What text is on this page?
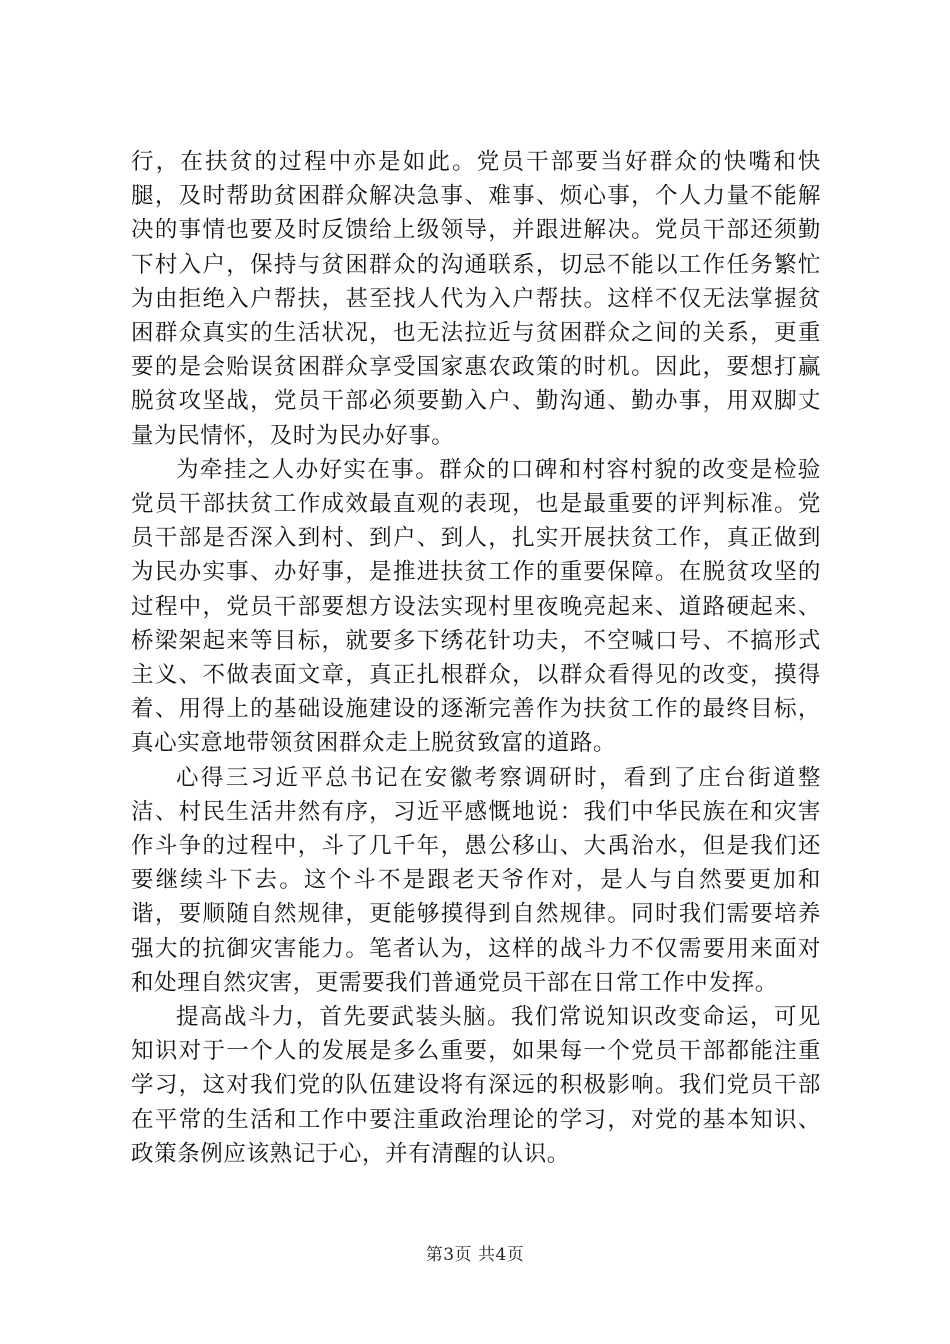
行，在扶贫的过程中亦是如此。党员干部要当好群众的快嘴和快腿，及时帮助贫困群众解决急事、难事、烦心事，个人力量不能解决的事情也要及时反馈给上级领导，并跟进解决。党员干部还须勤下村入户，保持与贫困群众的沟通联系，切忌不能以工作任务繁忙为由拒绝入户帮扶，甚至找人代为入户帮扶。这样不仅无法掌握贫困群众真实的生活状况，也无法拉近与贫困群众之间的关系，更重要的是会贻误贫困群众享受国家惠农政策的时机。因此，要想打赢脱贫攻坚战，党员干部必须要勤入户、勤沟通、勤办事，用双脚丈量为民情怀，及时为民办好事。

为牵挂之人办好实在事。群众的口碑和村容村貌的改变是检验党员干部扶贫工作成效最直观的表现，也是最重要的评判标准。党员干部是否深入到村、到户、到人，扎实开展扶贫工作，真正做到为民办实事、办好事，是推进扶贫工作的重要保障。在脱贫攻坚的过程中，党员干部要想方设法实现村里夜晚亮起来、道路硬起来、桥梁架起来等目标，就要多下绣花针功夫，不空喊口号、不搞形式主义、不做表面文章，真正扎根群众，以群众看得见的改变，摸得着、用得上的基础设施建设的逐渐完善作为扶贫工作的最终目标，真心实意地带领贫困群众走上脱贫致富的道路。

心得三习近平总书记在安徽考察调研时，看到了庄台街道整洁、村民生活井然有序，习近平感慨地说：我们中华民族在和灾害作斗争的过程中，斗了几千年，愚公移山、大禹治水，但是我们还要继续斗下去。这个斗不是跟老天爷作对，是人与自然要更加和谐，要顺随自然规律，更能够摸得到自然规律。同时我们需要培养强大的抗御灾害能力。笔者认为，这样的战斗力不仅需要用来面对和处理自然灾害，更需要我们普通党员干部在日常工作中发挥。

提高战斗力，首先要武装头脑。我们常说知识改变命运，可见知识对于一个人的发展是多么重要，如果每一个党员干部都能注重学习，这对我们党的队伍建设将有深远的积极影响。我们党员干部在平常的生活和工作中要注重政治理论的学习，对党的基本知识、政策条例应该熟记于心，并有清醒的认识。

第3页 共4页
